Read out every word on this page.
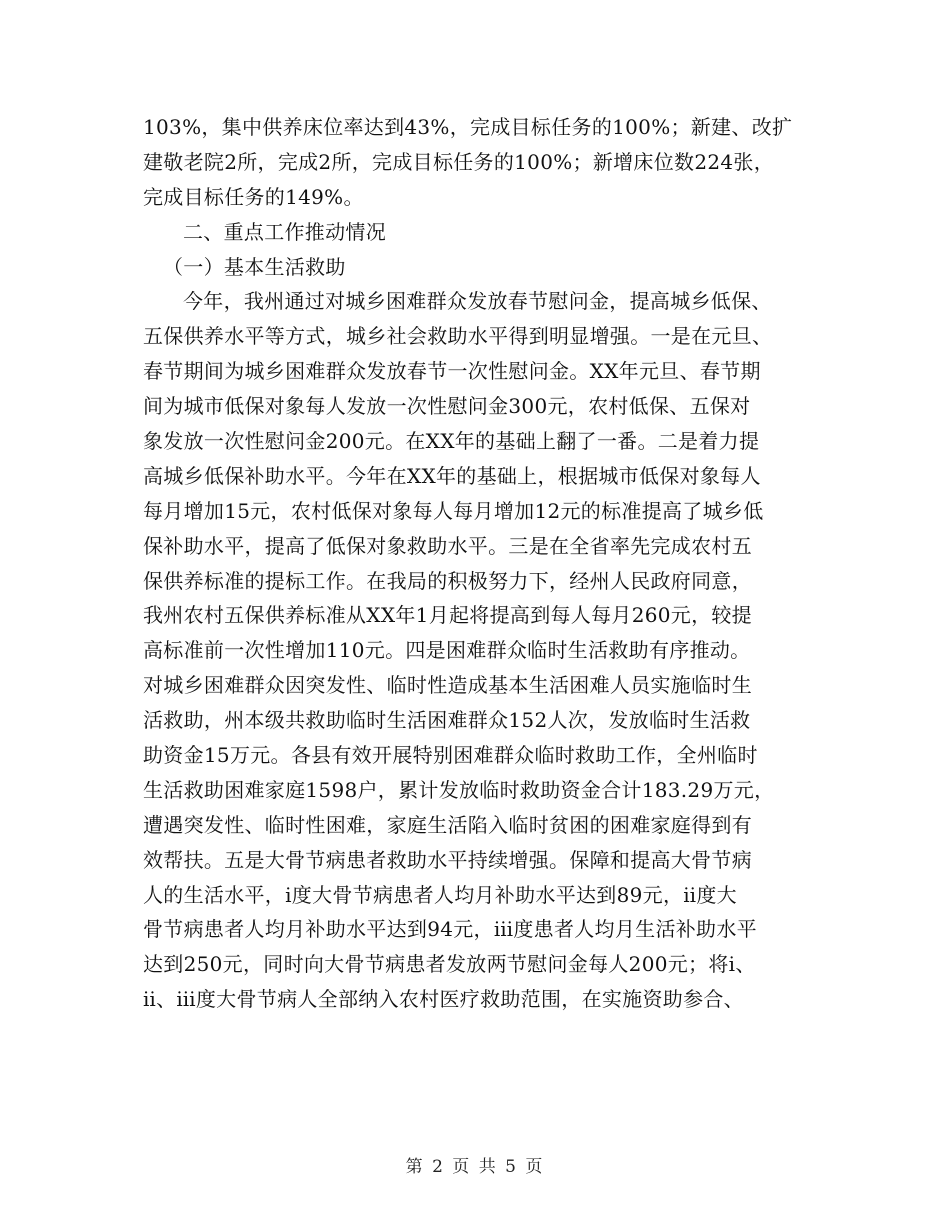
103%，集中供养床位率达到43%，完成目标任务的100%；新建、改扩
建敬老院2所，完成2所，完成目标任务的100%；新增床位数224张，
完成目标任务的149%。
二、重点工作推动情况
（一）基本生活救助
今年，我州通过对城乡困难群众发放春节慰问金，提高城乡低保、
五保供养水平等方式，城乡社会救助水平得到明显增强。一是在元旦、
春节期间为城乡困难群众发放春节一次性慰问金。XX年元旦、春节期
间为城市低保对象每人发放一次性慰问金300元，农村低保、五保对
象发放一次性慰问金200元。在XX年的基础上翻了一番。二是着力提
高城乡低保补助水平。今年在XX年的基础上，根据城市低保对象每人
每月增加15元，农村低保对象每人每月增加12元的标准提高了城乡低
保补助水平，提高了低保对象救助水平。三是在全省率先完成农村五
保供养标准的提标工作。在我局的积极努力下，经州人民政府同意，
我州农村五保供养标准从XX年1月起将提高到每人每月260元，较提
高标准前一次性增加110元。四是困难群众临时生活救助有序推动。
对城乡困难群众因突发性、临时性造成基本生活困难人员实施临时生
活救助，州本级共救助临时生活困难群众152人次，发放临时生活救
助资金15万元。各县有效开展特别困难群众临时救助工作，全州临时
生活救助困难家庭1598户，累计发放临时救助资金合计183.29万元，
遭遇突发性、临时性困难，家庭生活陷入临时贫困的困难家庭得到有
效帮扶。五是大骨节病患者救助水平持续增强。保障和提高大骨节病
人的生活水平，ⅰ度大骨节病患者人均月补助水平达到89元，ⅱ度大
骨节病患者人均月补助水平达到94元，ⅲ度患者人均月生活补助水平
达到250元，同时向大骨节病患者发放两节慰问金每人200元；将ⅰ、
ⅱ、ⅲ度大骨节病人全部纳入农村医疗救助范围，在实施资助参合、
第 2 页 共 5 页
